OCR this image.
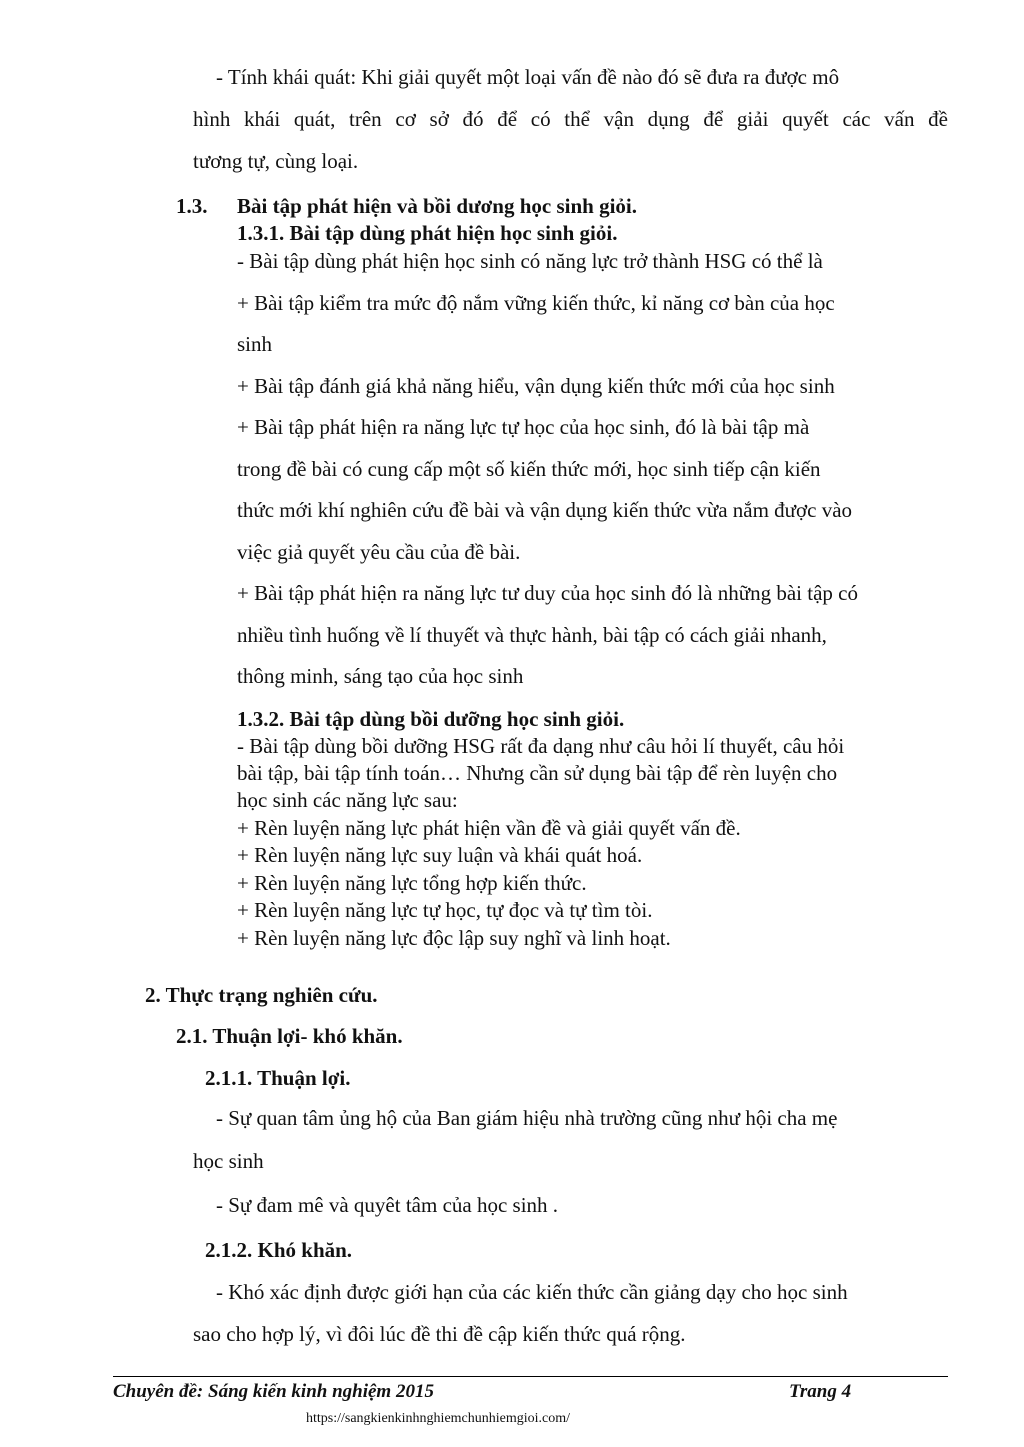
- Tính khái quát: Khi giải quyết một loại vấn đề nào đó sẽ đưa ra được mô
hình khái quát, trên cơ sở đó để có thể vận dụng để giải quyết các vấn đề
tương tự, cùng loại.
1.3. Bài tập phát hiện và bồi dương học sinh giỏi.
1.3.1. Bài tập dùng phát hiện học sinh giỏi.
- Bài tập dùng phát hiện học sinh có năng lực trở thành HSG có thể là
+ Bài tập kiểm tra mức độ nắm vững kiến thức, kỉ năng cơ bàn của học
sinh
+ Bài tập đánh giá khả năng hiểu, vận dụng kiến thức mới của học sinh
+ Bài tập phát hiện ra năng lực tự học của học sinh, đó là bài tập mà
trong đề bài có cung cấp một số kiến thức mới, học sinh tiếp cận kiến
thức mới khí nghiên cứu đề bài và vận dụng kiến thức vừa nắm được vào
việc giả quyết yêu cầu của đề bài.
+ Bài tập phát hiện ra năng lực tư duy của học sinh đó là những bài tập có
nhiều tình huống về lí thuyết và thực hành, bài tập có cách giải nhanh,
thông minh, sáng tạo của học sinh
1.3.2. Bài tập dùng bồi dưỡng học sinh giỏi.
- Bài tập dùng bồi dưỡng HSG rất đa dạng như câu hỏi lí thuyết, câu hỏi
bài tập, bài tập tính toán… Nhưng cần sử dụng bài tập để rèn luyện cho
học sinh các năng lực sau:
+ Rèn luyện năng lực phát hiện vần đề và giải quyết vấn đề.
+ Rèn luyện năng lực suy luận và khái quát hoá.
+ Rèn luyện năng lực tổng hợp kiến thức.
+ Rèn luyện năng lực tự học, tự đọc và tự tìm tòi.
+ Rèn luyện năng lực độc lập suy nghĩ và linh hoạt.
2. Thực trạng nghiên cứu.
2.1. Thuận lợi- khó khăn.
2.1.1. Thuận lợi.
- Sự quan tâm ủng hộ của Ban giám hiệu nhà trường cũng như hội cha mẹ
học sinh
- Sự đam mê và quyêt tâm của học sinh .
2.1.2. Khó khăn.
- Khó xác định được giới hạn của các kiến thức cần giảng dạy cho học sinh
sao cho hợp lý, vì đôi lúc đề thi đề cập kiến thức quá rộng.
Chuyên đề: Sáng kiến kinh nghiệm 2015	Trang 4
https://sangkienkinhnghiemchunhiemgioi.com/
